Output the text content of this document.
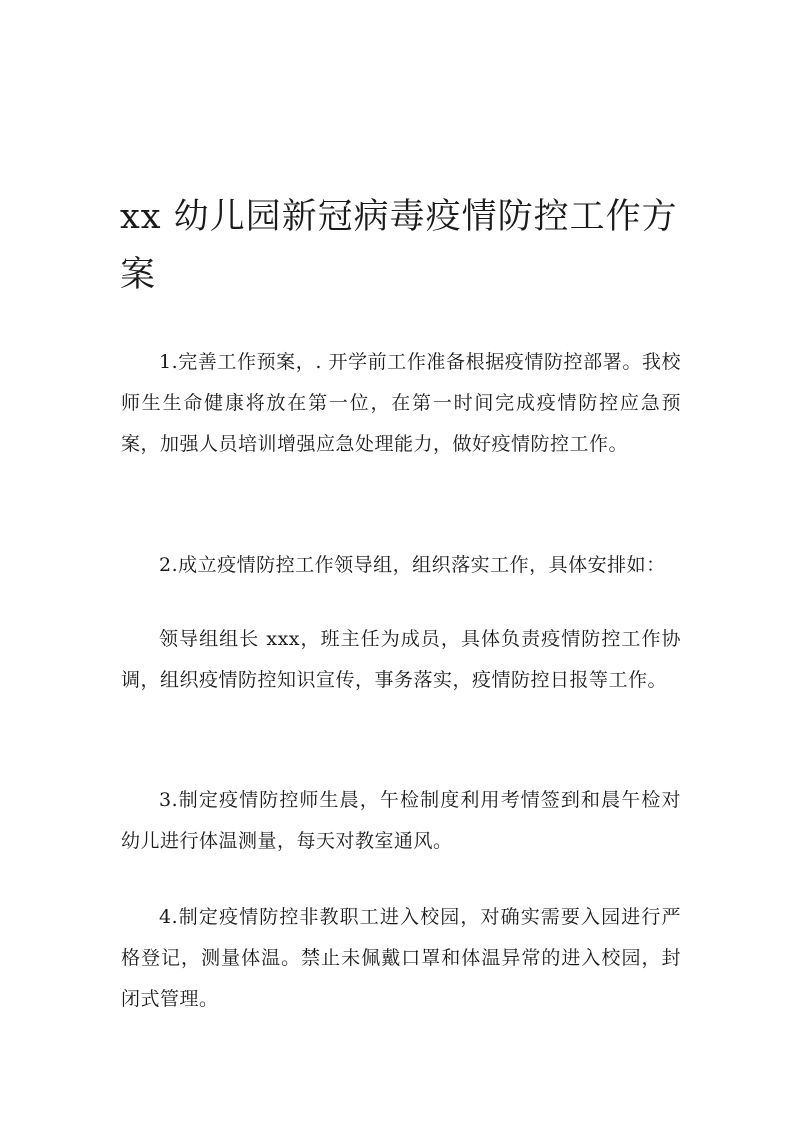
xx 幼儿园新冠病毒疫情防控工作方案

1.完善工作预案，. 开学前工作准备根据疫情防控部署。我校师生生命健康将放在第一位，在第一时间完成疫情防控应急预案，加强人员培训增强应急处理能力，做好疫情防控工作。

2.成立疫情防控工作领导组，组织落实工作，具体安排如：

领导组组长 xxx，班主任为成员，具体负责疫情防控工作协调，组织疫情防控知识宣传，事务落实，疫情防控日报等工作。

3.制定疫情防控师生晨，午检制度利用考情签到和晨午检对幼儿进行体温测量，每天对教室通风。

4.制定疫情防控非教职工进入校园，对确实需要入园进行严格登记，测量体温。禁止未佩戴口罩和体温异常的进入校园，封闭式管理。
